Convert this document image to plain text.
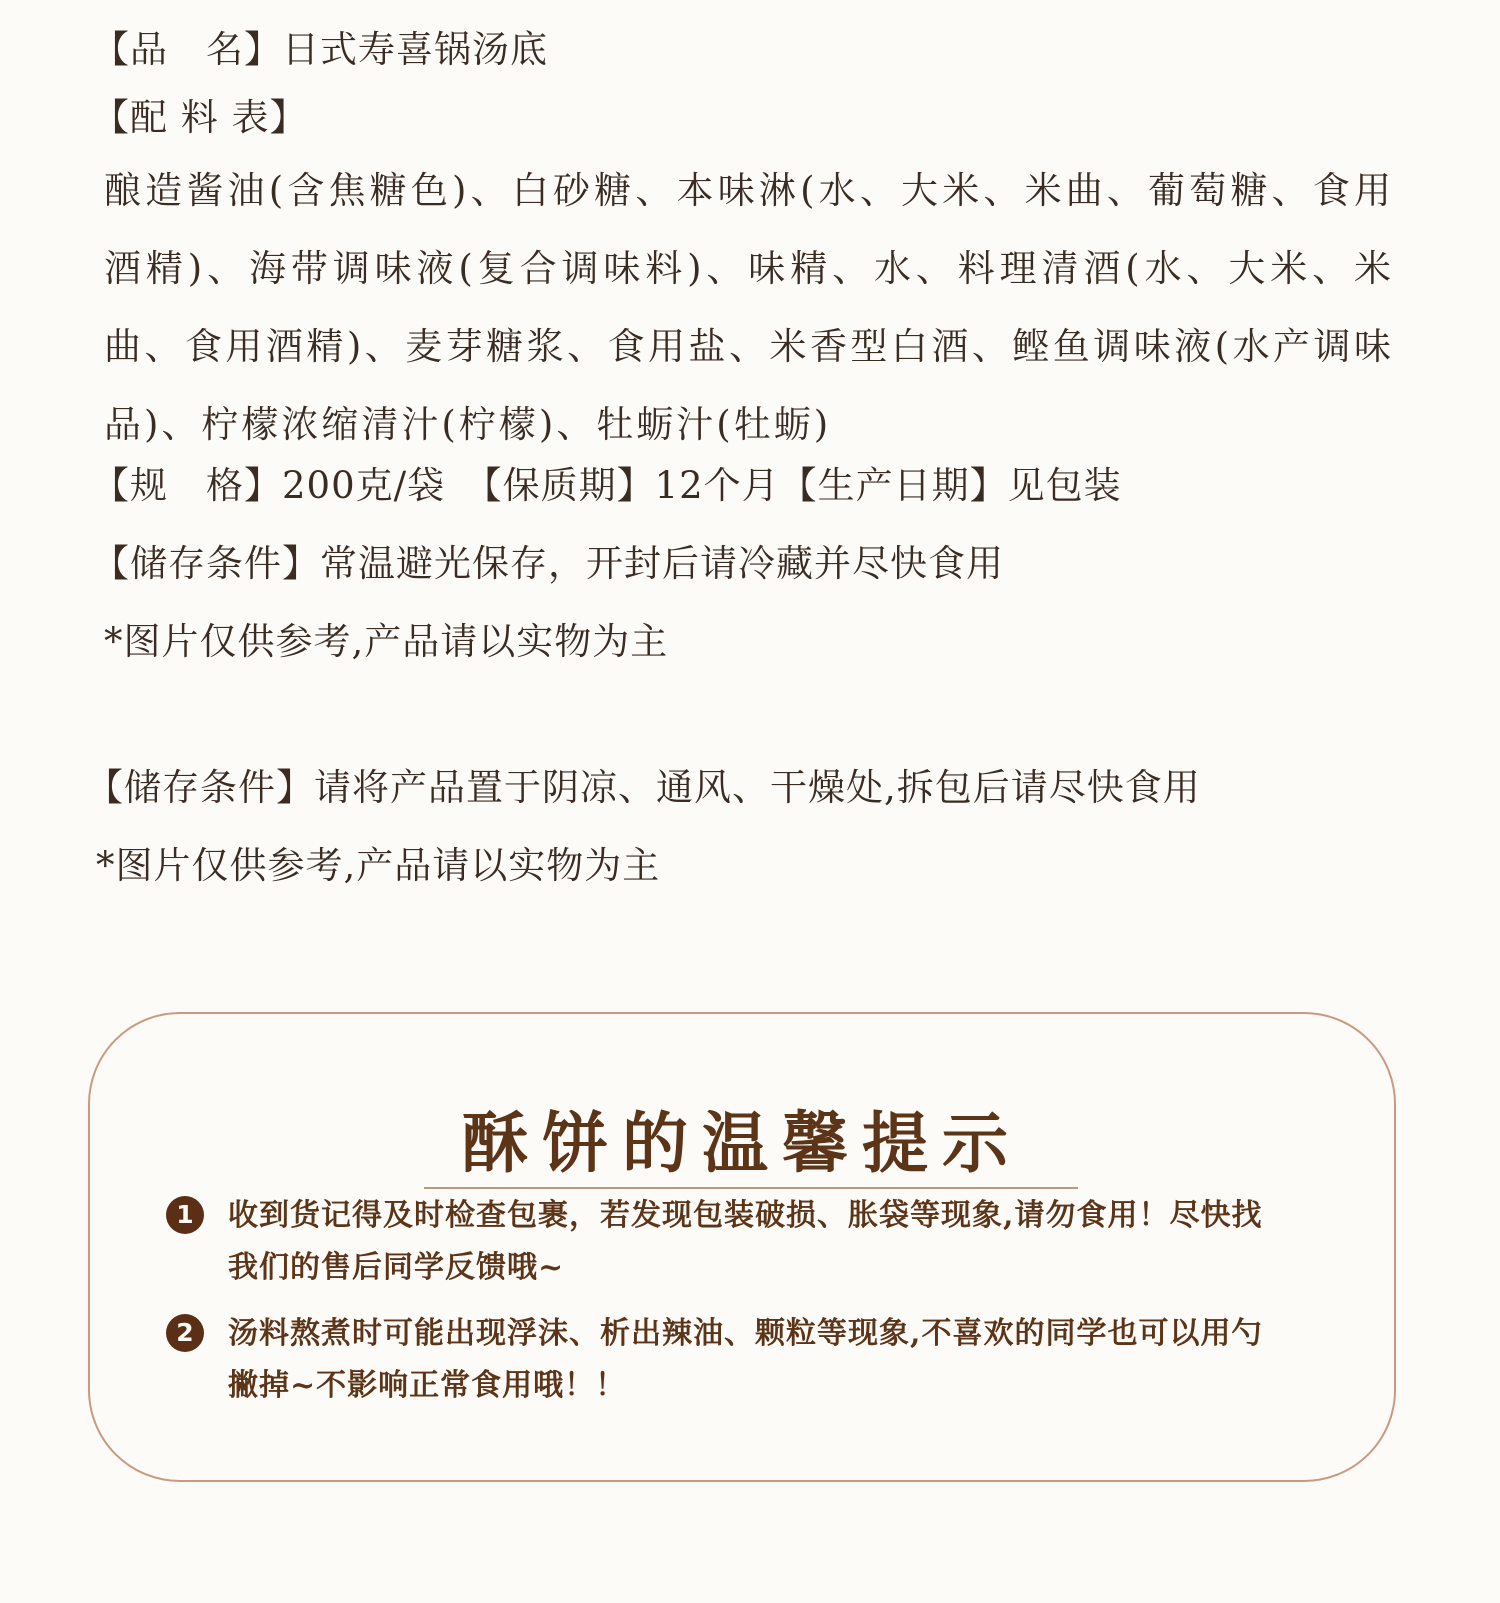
【品　名】日式寿喜锅汤底
【配 料 表】
酿造酱油(含焦糖色)、白砂糖、本味淋(水、大米、米曲、葡萄糖、食用酒精)、海带调味液(复合调味料)、味精、水、料理清酒(水、大米、米曲、食用酒精)、麦芽糖浆、食用盐、米香型白酒、鲣鱼调味液(水产调味品)、柠檬浓缩清汁(柠檬)、牡蛎汁(牡蛎)
【规　格】200克/袋　【保质期】12个月【生产日期】见包装
【储存条件】常温避光保存，开封后请冷藏并尽快食用
*图片仅供参考,产品请以实物为主
【储存条件】请将产品置于阴凉、通风、干燥处,拆包后请尽快食用
*图片仅供参考,产品请以实物为主
酥饼的温馨提示
1	收到货记得及时检查包裹，若发现包装破损、胀袋等现象,请勿食用！尽快找我们的售后同学反馈哦~
2	汤料熬煮时可能出现浮沫、析出辣油、颗粒等现象,不喜欢的同学也可以用勺撇掉~不影响正常食用哦！！
